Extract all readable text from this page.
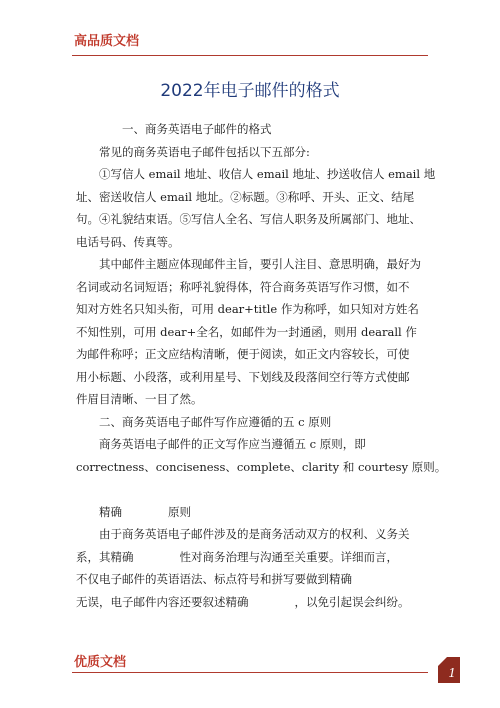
高品质文档
2022年电子邮件的格式
一、商务英语电子邮件的格式
常见的商务英语电子邮件包括以下五部分:
①写信人 email 地址、收信人 email 地址、抄送收信人 email 地
址、密送收信人 email 地址。②标题。③称呼、开头、正文、结尾
句。④礼貌结束语。⑤写信人全名、写信人职务及所属部门、地址、
电话号码、传真等。
其中邮件主题应体现邮件主旨，要引人注目、意思明确，最好为
名词或动名词短语；称呼礼貌得体，符合商务英语写作习惯，如不
知对方姓名只知头衔，可用 dear+title 作为称呼，如只知对方姓名
不知性别，可用 dear+全名，如邮件为一封通函，则用 dearall 作
为邮件称呼；正文应结构清晰，便于阅读，如正文内容较长，可使
用小标题、小段落，或利用星号、下划线及段落间空行等方式使邮
件眉目清晰、一目了然。
二、商务英语电子邮件写作应遵循的五 c 原则
商务英语电子邮件的正文写作应当遵循五 c 原则，即
correctness、conciseness、complete、clarity 和 courtesy 原则。
精确　　　　原则
由于商务英语电子邮件涉及的是商务活动双方的权利、义务关
系，其精确　　　　性对商务治理与沟通至关重要。详细而言，
不仅电子邮件的英语语法、标点符号和拼写要做到精确
无误，电子邮件内容还要叙述精确　　　　，以免引起误会纠纷。
优质文档
1
